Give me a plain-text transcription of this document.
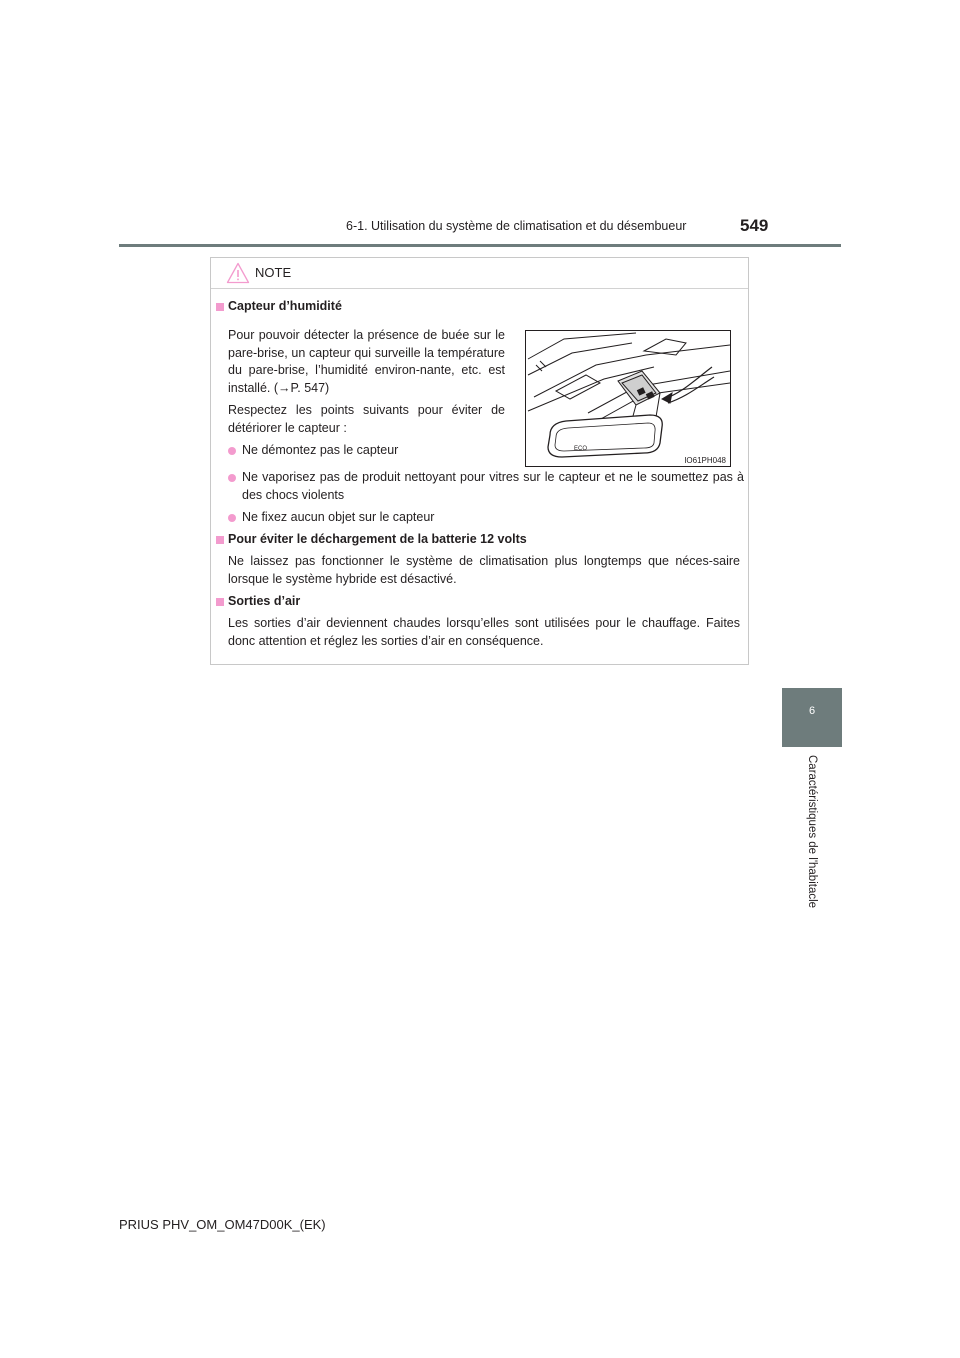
6-1. Utilisation du système de climatisation et du désembueur	549
6
Caractéristiques de l'habitacle
NOTE
Capteur d’humidité
Pour pouvoir détecter la présence de buée sur le pare-brise, un capteur qui surveille la température du pare-brise, l’humidité environ-nante, etc. est installé. (→P. 547)
Respectez les points suivants pour éviter de détériorer le capteur :
Ne démontez pas le capteur
Ne vaporisez pas de produit nettoyant pour vitres sur le capteur et ne le soumettez pas à des chocs violents
Ne fixez aucun objet sur le capteur
ECO
IO61PH048
Pour éviter le déchargement de la batterie 12 volts
Ne laissez pas fonctionner le système de climatisation plus longtemps que néces-saire lorsque le système hybride est désactivé.
Sorties d’air
Les sorties d’air deviennent chaudes lorsqu’elles sont utilisées pour le chauffage. Faites donc attention et réglez les sorties d’air en conséquence.
PRIUS PHV_OM_OM47D00K_(EK)
